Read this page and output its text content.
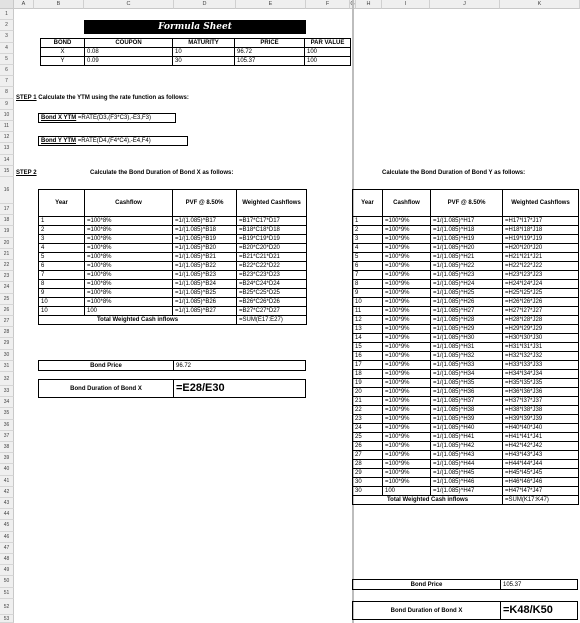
A	B	C	D	E	F	H	I	J	K
1
2
3
4
5
6
7
8
9
10
11
12
13
14
15
16
17
18
19
20
21
22
23
24
25
26
27
28
29
30
31
32
33
34
35
36
37
38
39
40
41
42
43
44
45
46
47
48
49
50
51
52
53
Formula Sheet
BOND	COUPON	MATURITY	PRICE	PAR VALUE
X	0.08	10	96.72	100
Y	0.09	30	105.37	100
STEP 1
Calculate the YTM using the rate function as follows:
Bond X YTM
=RATE(D3,(F3*C3),-E3,F3)
Bond Y YTM
=RATE(D4,(F4*C4),-E4,F4)
STEP 2	Calculate the Bond Duration of Bond X as follows:	Calculate the Bond Duration of Bond Y as follows:
Year	Cashflow	PVF @ 8.50%	Weighted Cashflows
1	=100*8%	=1/(1.085)^B17	=B17*C17*D17
2	=100*8%	=1/(1.085)^B18	=B18*C18*D18
3	=100*8%	=1/(1.085)^B19	=B19*C19*D19
4	=100*8%	=1/(1.085)^B20	=B20*C20*D20
5	=100*8%	=1/(1.085)^B21	=B21*C21*D21
6	=100*8%	=1/(1.085)^B22	=B22*C22*D22
7	=100*8%	=1/(1.085)^B23	=B23*C23*D23
8	=100*8%	=1/(1.085)^B24	=B24*C24*D24
9	=100*8%	=1/(1.085)^B25	=B25*C25*D25
10	=100*8%	=1/(1.085)^B26	=B26*C26*D26
10	100	=1/(1.085)^B27	=B27*C27*D27
Total Weighted Cash inflows			=SUM(E17:E27)
Year	Cashflow	PVF @ 8.50%	Weighted Cashflows
1	=100*9%	=1/(1.085)^H17	=H17*I17*J17
2	=100*9%	=1/(1.085)^H18	=H18*I18*J18
3	=100*9%	=1/(1.085)^H19	=H19*I19*J19
4	=100*9%	=1/(1.085)^H20	=H20*I20*J20
5	=100*9%	=1/(1.085)^H21	=H21*I21*J21
6	=100*9%	=1/(1.085)^H22	=H22*I22*J22
7	=100*9%	=1/(1.085)^H23	=H23*I23*J23
8	=100*9%	=1/(1.085)^H24	=H24*I24*J24
9	=100*9%	=1/(1.085)^H25	=H25*I25*J25
10	=100*9%	=1/(1.085)^H26	=H26*I26*J26
11	=100*9%	=1/(1.085)^H27	=H27*I27*J27
12	=100*9%	=1/(1.085)^H28	=H28*I28*J28
13	=100*9%	=1/(1.085)^H29	=H29*I29*J29
14	=100*9%	=1/(1.085)^H30	=H30*I30*J30
15	=100*9%	=1/(1.085)^H31	=H31*I31*J31
16	=100*9%	=1/(1.085)^H32	=H32*I32*J32
17	=100*9%	=1/(1.085)^H33	=H33*I33*J33
18	=100*9%	=1/(1.085)^H34	=H34*I34*J34
19	=100*9%	=1/(1.085)^H35	=H35*I35*J35
20	=100*9%	=1/(1.085)^H36	=H36*I36*J36
21	=100*9%	=1/(1.085)^H37	=H37*I37*J37
22	=100*9%	=1/(1.085)^H38	=H38*I38*J38
23	=100*9%	=1/(1.085)^H39	=H39*I39*J39
24	=100*9%	=1/(1.085)^H40	=H40*I40*J40
25	=100*9%	=1/(1.085)^H41	=H41*I41*J41
26	=100*9%	=1/(1.085)^H42	=H42*I42*J42
27	=100*9%	=1/(1.085)^H43	=H43*I43*J43
28	=100*9%	=1/(1.085)^H44	=H44*I44*J44
29	=100*9%	=1/(1.085)^H45	=H45*I45*J45
30	=100*9%	=1/(1.085)^H46	=H46*I46*J46
30	100	=1/(1.085)^H47	=H47*I47*J47
Total Weighted Cash inflows			=SUM(K17:K47)
Bond Price	96.72
Bond Duration of Bond X	=E28/E30
Bond Price	105.37
Bond Duration of Bond X	=K48/K50
